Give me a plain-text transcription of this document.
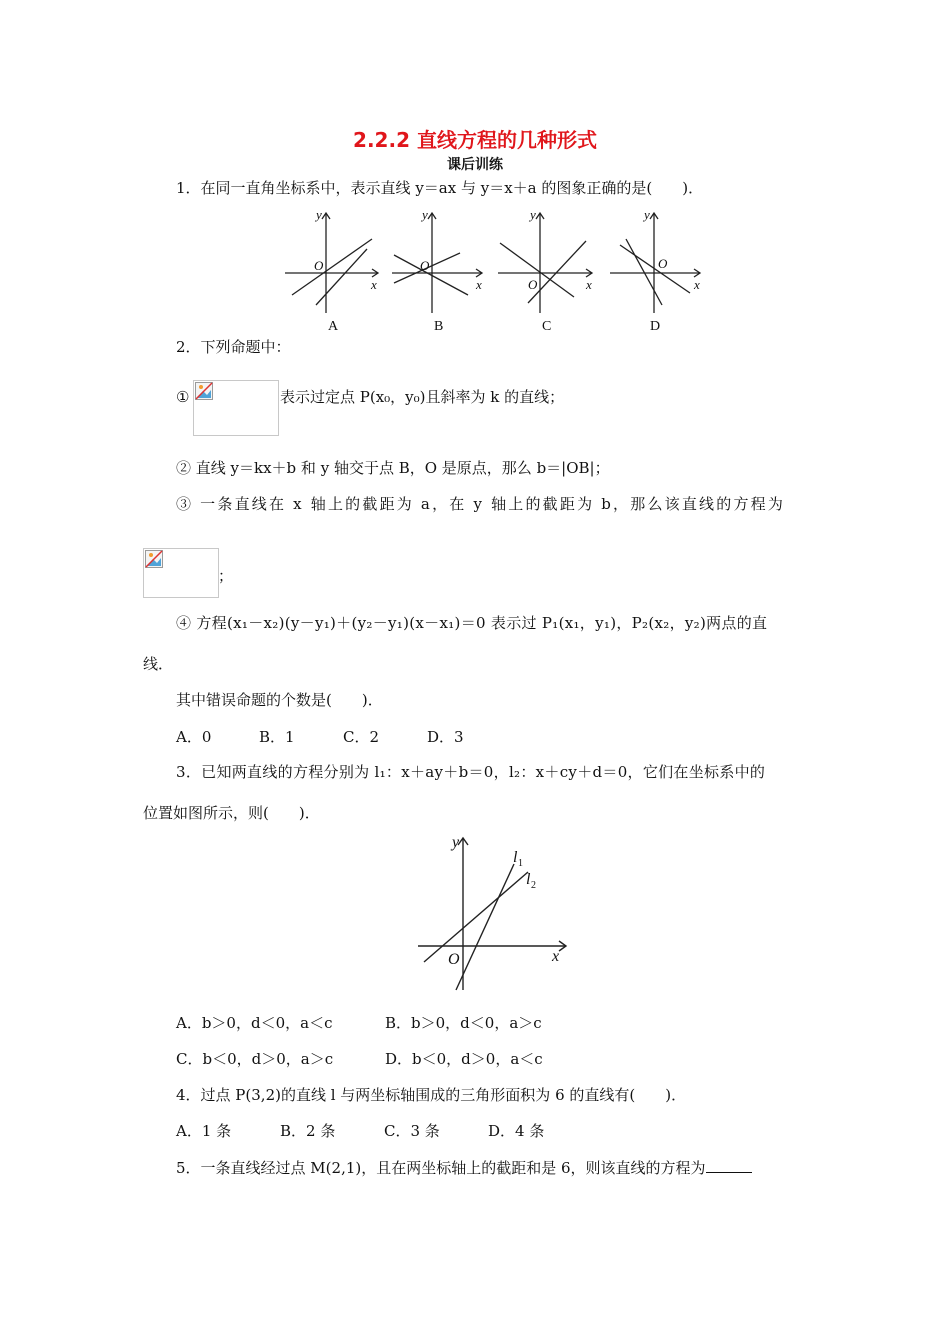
2.2.2 直线方程的几种形式
课后训练
1．在同一直角坐标系中，表示直线 y＝ax 与 y＝x＋a 的图象正确的是(　　)．
y
x
O
y
x
O
y
x
O
y
x
O
A	B	C	D
2．下列命题中：
①	表示过定点 P(x₀，y₀)且斜率为 k 的直线；
② 直线 y＝kx＋b 和 y 轴交于点 B，O 是原点，那么 b＝|OB|；
③ 一条直线在 x 轴上的截距为 a，在 y 轴上的截距为 b，那么该直线的方程为
；
④ 方程(x₁－x₂)(y－y₁)＋(y₂－y₁)(x－x₁)＝0 表示过 P₁(x₁，y₁)，P₂(x₂，y₂)两点的直
线．
其中错误命题的个数是(　　)．
A．0	B．1	C．2	D．3
3．已知两直线的方程分别为 l₁：x＋ay＋b＝0，l₂：x＋cy＋d＝0，它们在坐标系中的
位置如图所示，则(　　)．
y
x
O
l 1
l 2
A．b＞0，d＜0，a＜c	B．b＞0，d＜0，a＞c
C．b＜0，d＞0，a＞c	D．b＜0，d＞0，a＜c
4．过点 P(3,2)的直线 l 与两坐标轴围成的三角形面积为 6 的直线有(　　)．
A．1 条	B．2 条	C．3 条	D．4 条
5．一条直线经过点 M(2,1)，且在两坐标轴上的截距和是 6，则该直线的方程为
